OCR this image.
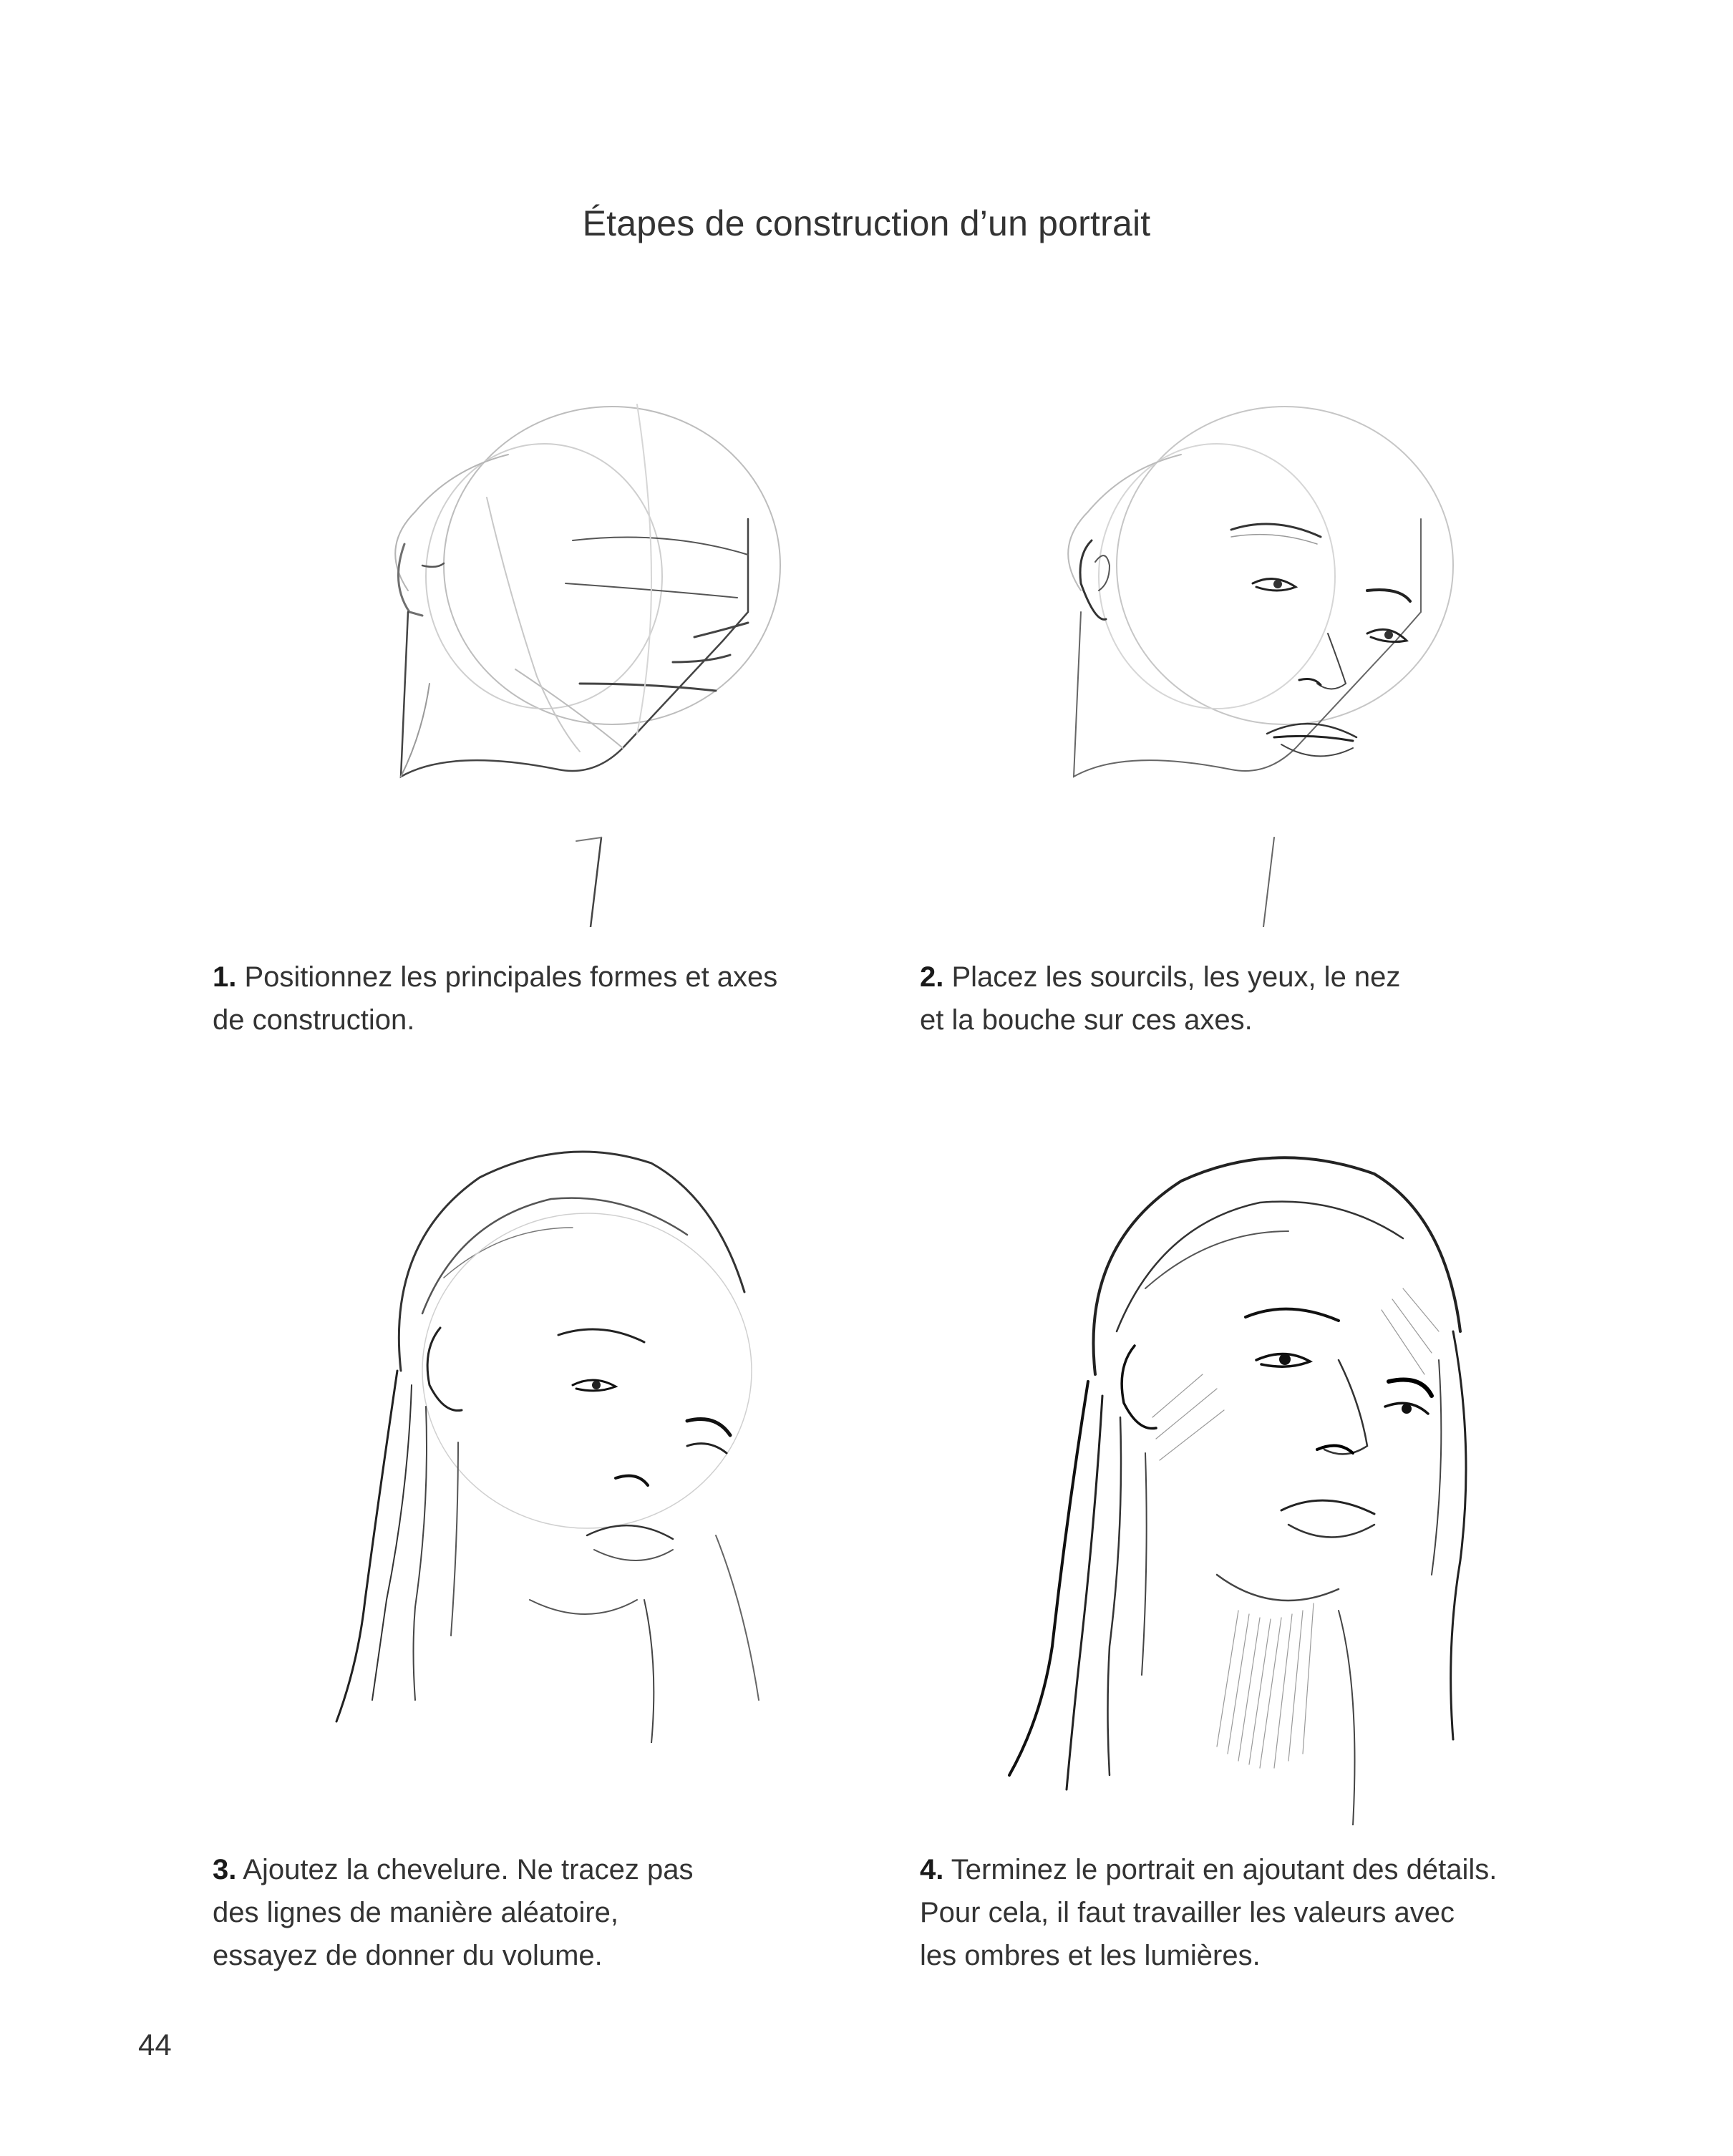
Étapes de construction d’un portrait
1. Positionnez les principales formes et axes
de construction.
2. Placez les sourcils, les yeux, le nez
et la bouche sur ces axes.
3. Ajoutez la chevelure. Ne tracez pas
des lignes de manière aléatoire,
essayez de donner du volume.
4. Terminez le portrait en ajoutant des détails.
Pour cela, il faut travailler les valeurs avec
les ombres et les lumières.
44
